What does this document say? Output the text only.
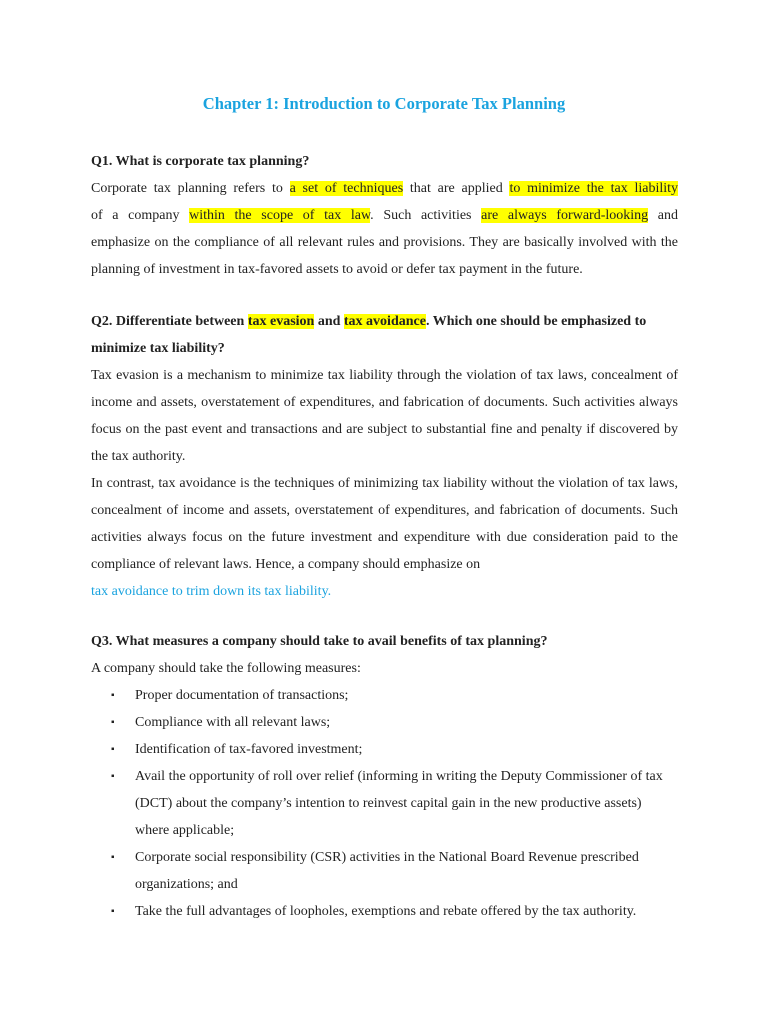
Chapter 1: Introduction to Corporate Tax Planning

Q1. What is corporate tax planning?

Corporate tax planning refers to a set of techniques that are applied to minimize the tax liability

of a company within the scope of tax law. Such activities are always forward-looking and

emphasize on the compliance of all relevant rules and provisions. They are basically involved with the planning of investment in tax-favored assets to avoid or defer tax payment in the future.

Q2. Differentiate between tax evasion and tax avoidance. Which one should be emphasized to minimize tax liability?

Tax evasion is a mechanism to minimize tax liability through the violation of tax laws, concealment of income and assets, overstatement of expenditures, and fabrication of documents. Such activities always focus on the past event and transactions and are subject to substantial fine and penalty if discovered by the tax authority.

In contrast, tax avoidance is the techniques of minimizing tax liability without the violation of tax laws, concealment of income and assets, overstatement of expenditures, and fabrication of documents. Such activities always focus on the future investment and expenditure with due consideration paid to the compliance of relevant laws. Hence, a company should emphasize on

tax avoidance to trim down its tax liability.

Q3. What measures a company should take to avail benefits of tax planning?

A company should take the following measures:

▪ Proper documentation of transactions;
▪ Compliance with all relevant laws;
▪ Identification of tax-favored investment;
▪ Avail the opportunity of roll over relief (informing in writing the Deputy Commissioner of tax (DCT) about the company’s intention to reinvest capital gain in the new productive assets) where applicable;
▪ Corporate social responsibility (CSR) activities in the National Board Revenue prescribed organizations; and
▪ Take the full advantages of loopholes, exemptions and rebate offered by the tax authority.
